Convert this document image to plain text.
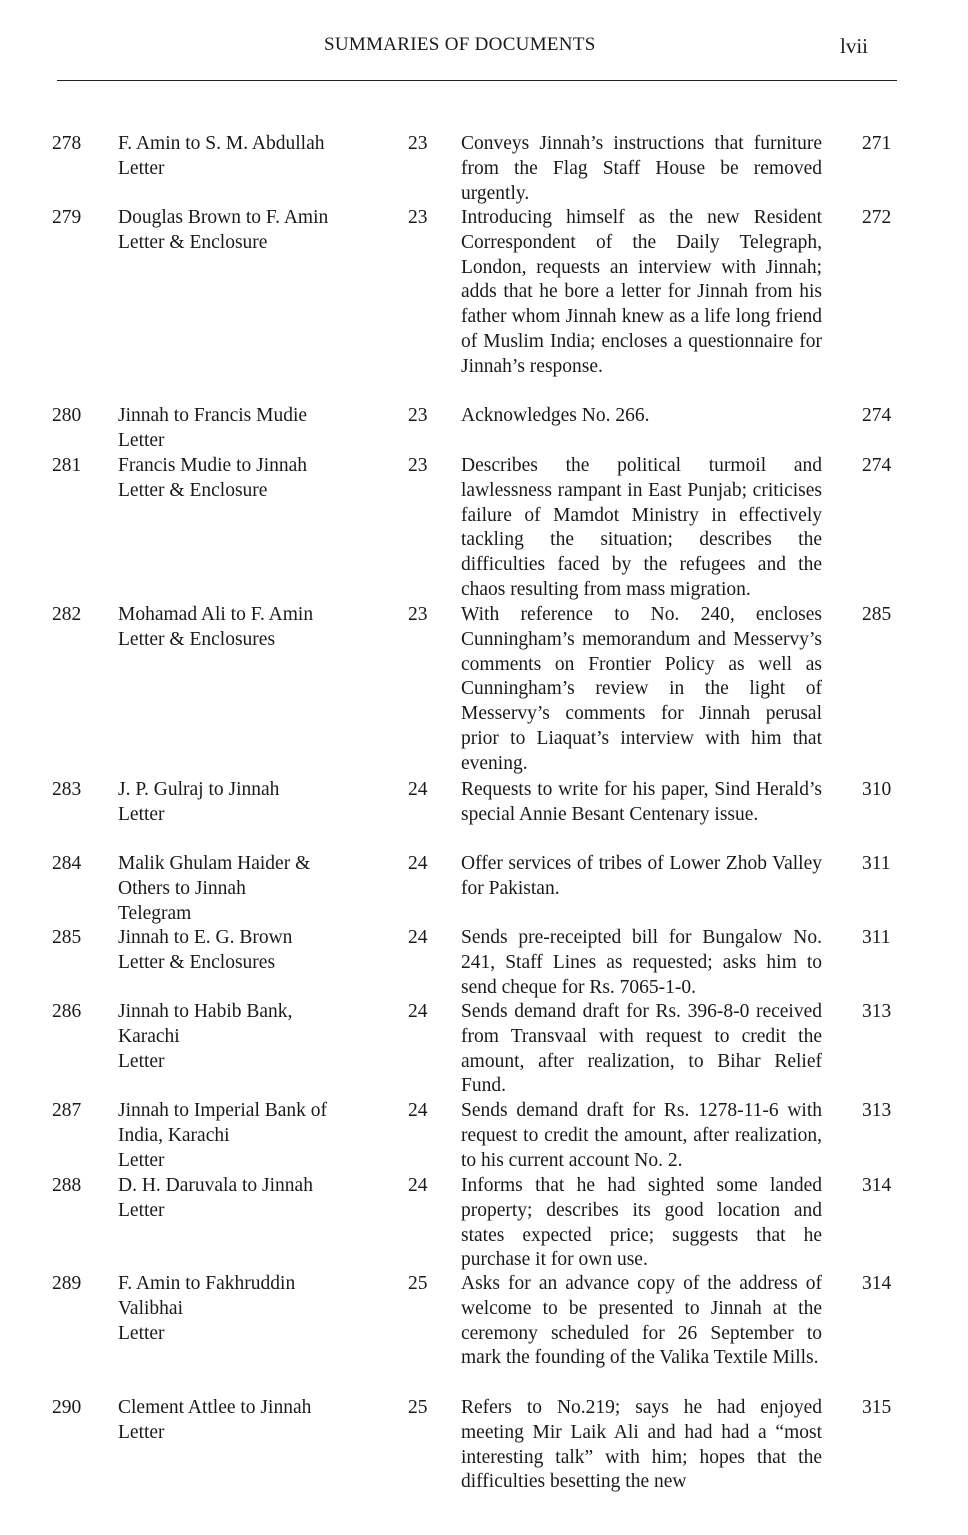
SUMMARIES OF DOCUMENTS	lvii
278 F. Amin to S. M. Abdullah
Letter
23 Conveys Jinnah’s instructions that furniture from the Flag Staff House be removed urgently.
271
279 Douglas Brown to F. Amin
Letter & Enclosure
23 Introducing himself as the new Resident Correspondent of the Daily Telegraph, London, requests an interview with Jinnah; adds that he bore a letter for Jinnah from his father whom Jinnah knew as a life long friend of Muslim India; encloses a questionnaire for Jinnah’s response.
272
280 Jinnah to Francis Mudie
Letter
23 Acknowledges No. 266.	274
281 Francis Mudie to Jinnah
Letter & Enclosure
23 Describes the political turmoil and lawlessness rampant in East Punjab; criticises failure of Mamdot Ministry in effectively tackling the situation; describes the difficulties faced by the refugees and the chaos resulting from mass migration.
274
282 Mohamad Ali to F. Amin
Letter & Enclosures
23 With reference to No. 240, encloses Cunningham’s memorandum and Messervy’s comments on Frontier Policy as well as Cunningham’s review in the light of Messervy’s comments for Jinnah perusal prior to Liaquat’s interview with him that evening.
285
283 J. P. Gulraj to Jinnah
Letter
24 Requests to write for his paper, Sind Herald’s special Annie Besant Centenary issue.
310
284 Malik Ghulam Haider &
Others to Jinnah
Telegram
24 Offer services of tribes of Lower Zhob Valley for Pakistan.
311
285 Jinnah to E. G. Brown
Letter & Enclosures
24 Sends pre-receipted bill for Bungalow No. 241, Staff Lines as requested; asks him to send cheque for Rs. 7065-1-0.
311
286 Jinnah to Habib Bank,
Karachi
Letter
24 Sends demand draft for Rs. 396-8-0 received from Transvaal with request to credit the amount, after realization, to Bihar Relief Fund.
313
287 Jinnah to Imperial Bank of
India, Karachi
Letter
24 Sends demand draft for Rs. 1278-11-6 with request to credit the amount, after realization, to his current account No. 2.
313
288 D. H. Daruvala to Jinnah
Letter
24 Informs that he had sighted some landed property; describes its good location and states expected price; suggests that he purchase it for own use.
314
289 F. Amin to Fakhruddin
Valibhai
Letter
25 Asks for an advance copy of the address of welcome to be presented to Jinnah at the ceremony scheduled for 26 September to mark the founding of the Valika Textile Mills.
314
290 Clement Attlee to Jinnah
Letter
25 Refers to No.219; says he had enjoyed meeting Mir Laik Ali and had had a “most interesting talk” with him; hopes that the difficulties besetting the new
315
